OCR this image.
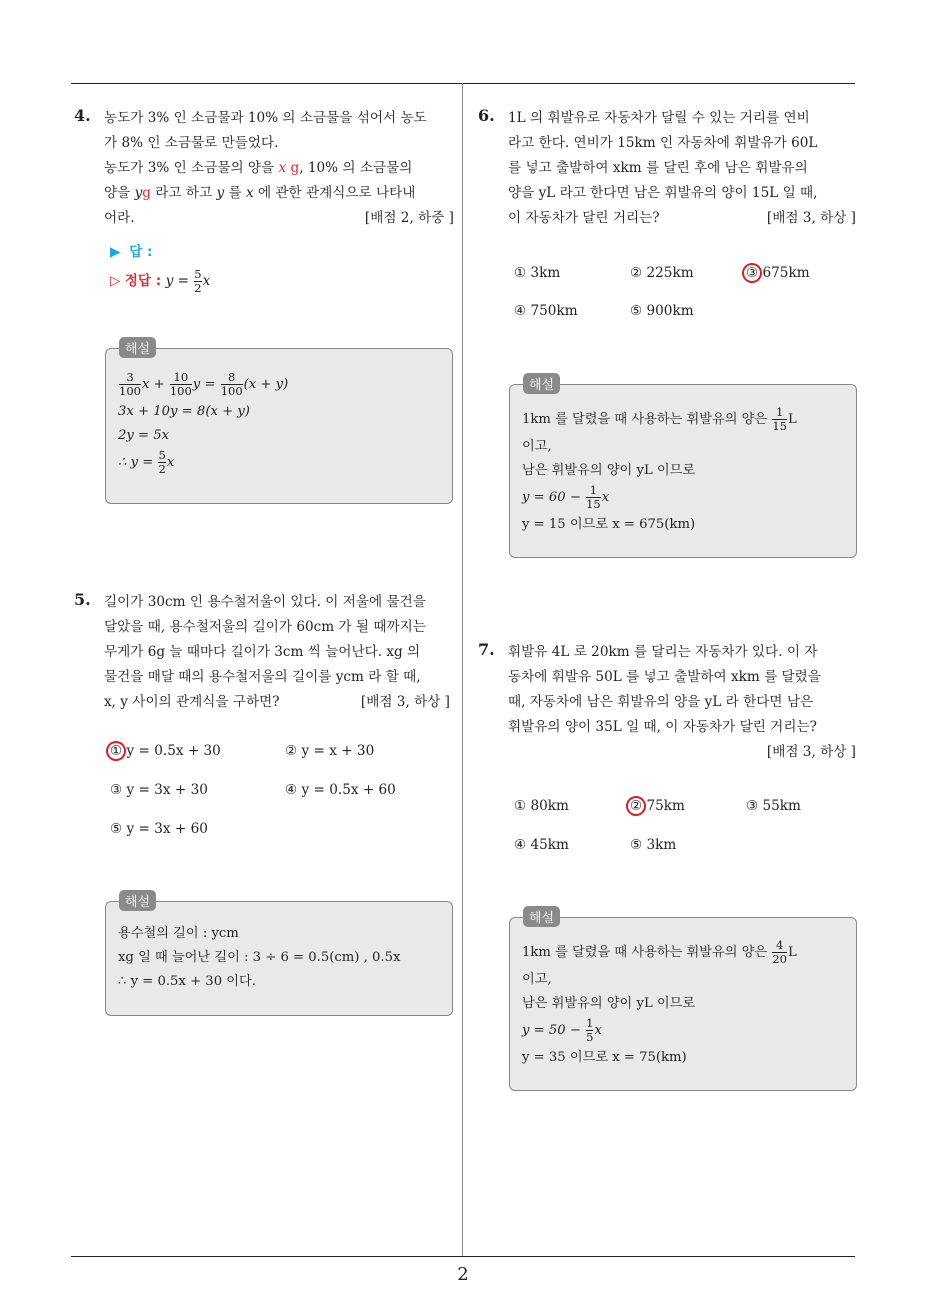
2
4. 농도가 3% 인 소금물과 10% 의 소금물을 섞어서 농도
가 8% 인 소금물로 만들었다.
농도가 3% 인 소금물의 양을 x g, 10% 의 소금물의
양을 yg 라고 하고 y 를 x 에 관한 관계식으로 나타내
어라.	[배점 2, 하중 ]
▶ 답 :
▷ 정답 : $y = \frac{5}{2}$ x
해설
$\frac{3}{100}$ $x + \frac{10}{100}$ $y = \frac{8}{100} (x + y)$
3x + 10y = 8(x + y)
2y = 5x
∴ $y = \frac{5}{2}$ x
5. 길이가 30cm 인 용수철저울이 있다. 이 저울에 물건을
달았을 때, 용수철저울의 길이가 60cm 가 될 때까지는
무게가 6g 늘 때마다 길이가 3cm 씩 늘어난다. xg 의
물건을 매달 때의 용수철저울의 길이를 ycm 라 할 때,
x, y 사이의 관계식을 구하면?	[배점 3, 하상 ]
① y = 0.5x + 30	② y = x + 30
③ y = 3x + 30	④ y = 0.5x + 60
⑤ y = 3x + 60
해설
용수철의 길이 : ycm
xg 일 때 늘어난 길이 : 3 ÷ 6 = 0.5(cm) , 0.5x
∴ y = 0.5x + 30 이다.
6. 1L 의 휘발유로 자동차가 달릴 수 있는 거리를 연비
라고 한다. 연비가 15km 인 자동차에 휘발유가 60L
를 넣고 출발하여 xkm 를 달린 후에 남은 휘발유의
양을 yL 라고 한다면 남은 휘발유의 양이 15L 일 때,
이 자동차가 달린 거리는?	[배점 3, 하상 ]
① 3km	② 225km	③ 675km
④ 750km	⑤ 900km
해설
1km 를 달렸을 때 사용하는 휘발유의 양은 $\frac{1}{15}$ L
이고,
남은 휘발유의 양이 yL 이므로
$y = 60 - \frac{1}{15}$ x
y = 15 이므로 x = 675(km)
7. 휘발유 4L 로 20km 를 달리는 자동차가 있다. 이 자
동차에 휘발유 50L 를 넣고 출발하여 xkm 를 달렸을
때, 자동차에 남은 휘발유의 양을 yL 라 한다면 남은
휘발유의 양이 35L 일 때, 이 자동차가 달린 거리는?
[배점 3, 하상 ]
① 80km	② 75km	③ 55km
④ 45km	⑤ 3km
해설
1km 를 달렸을 때 사용하는 휘발유의 양은 $\frac{4}{20}$ L
이고,
남은 휘발유의 양이 yL 이므로
$y = 50 - \frac{1}{5}$ x
y = 35 이므로 x = 75(km)
